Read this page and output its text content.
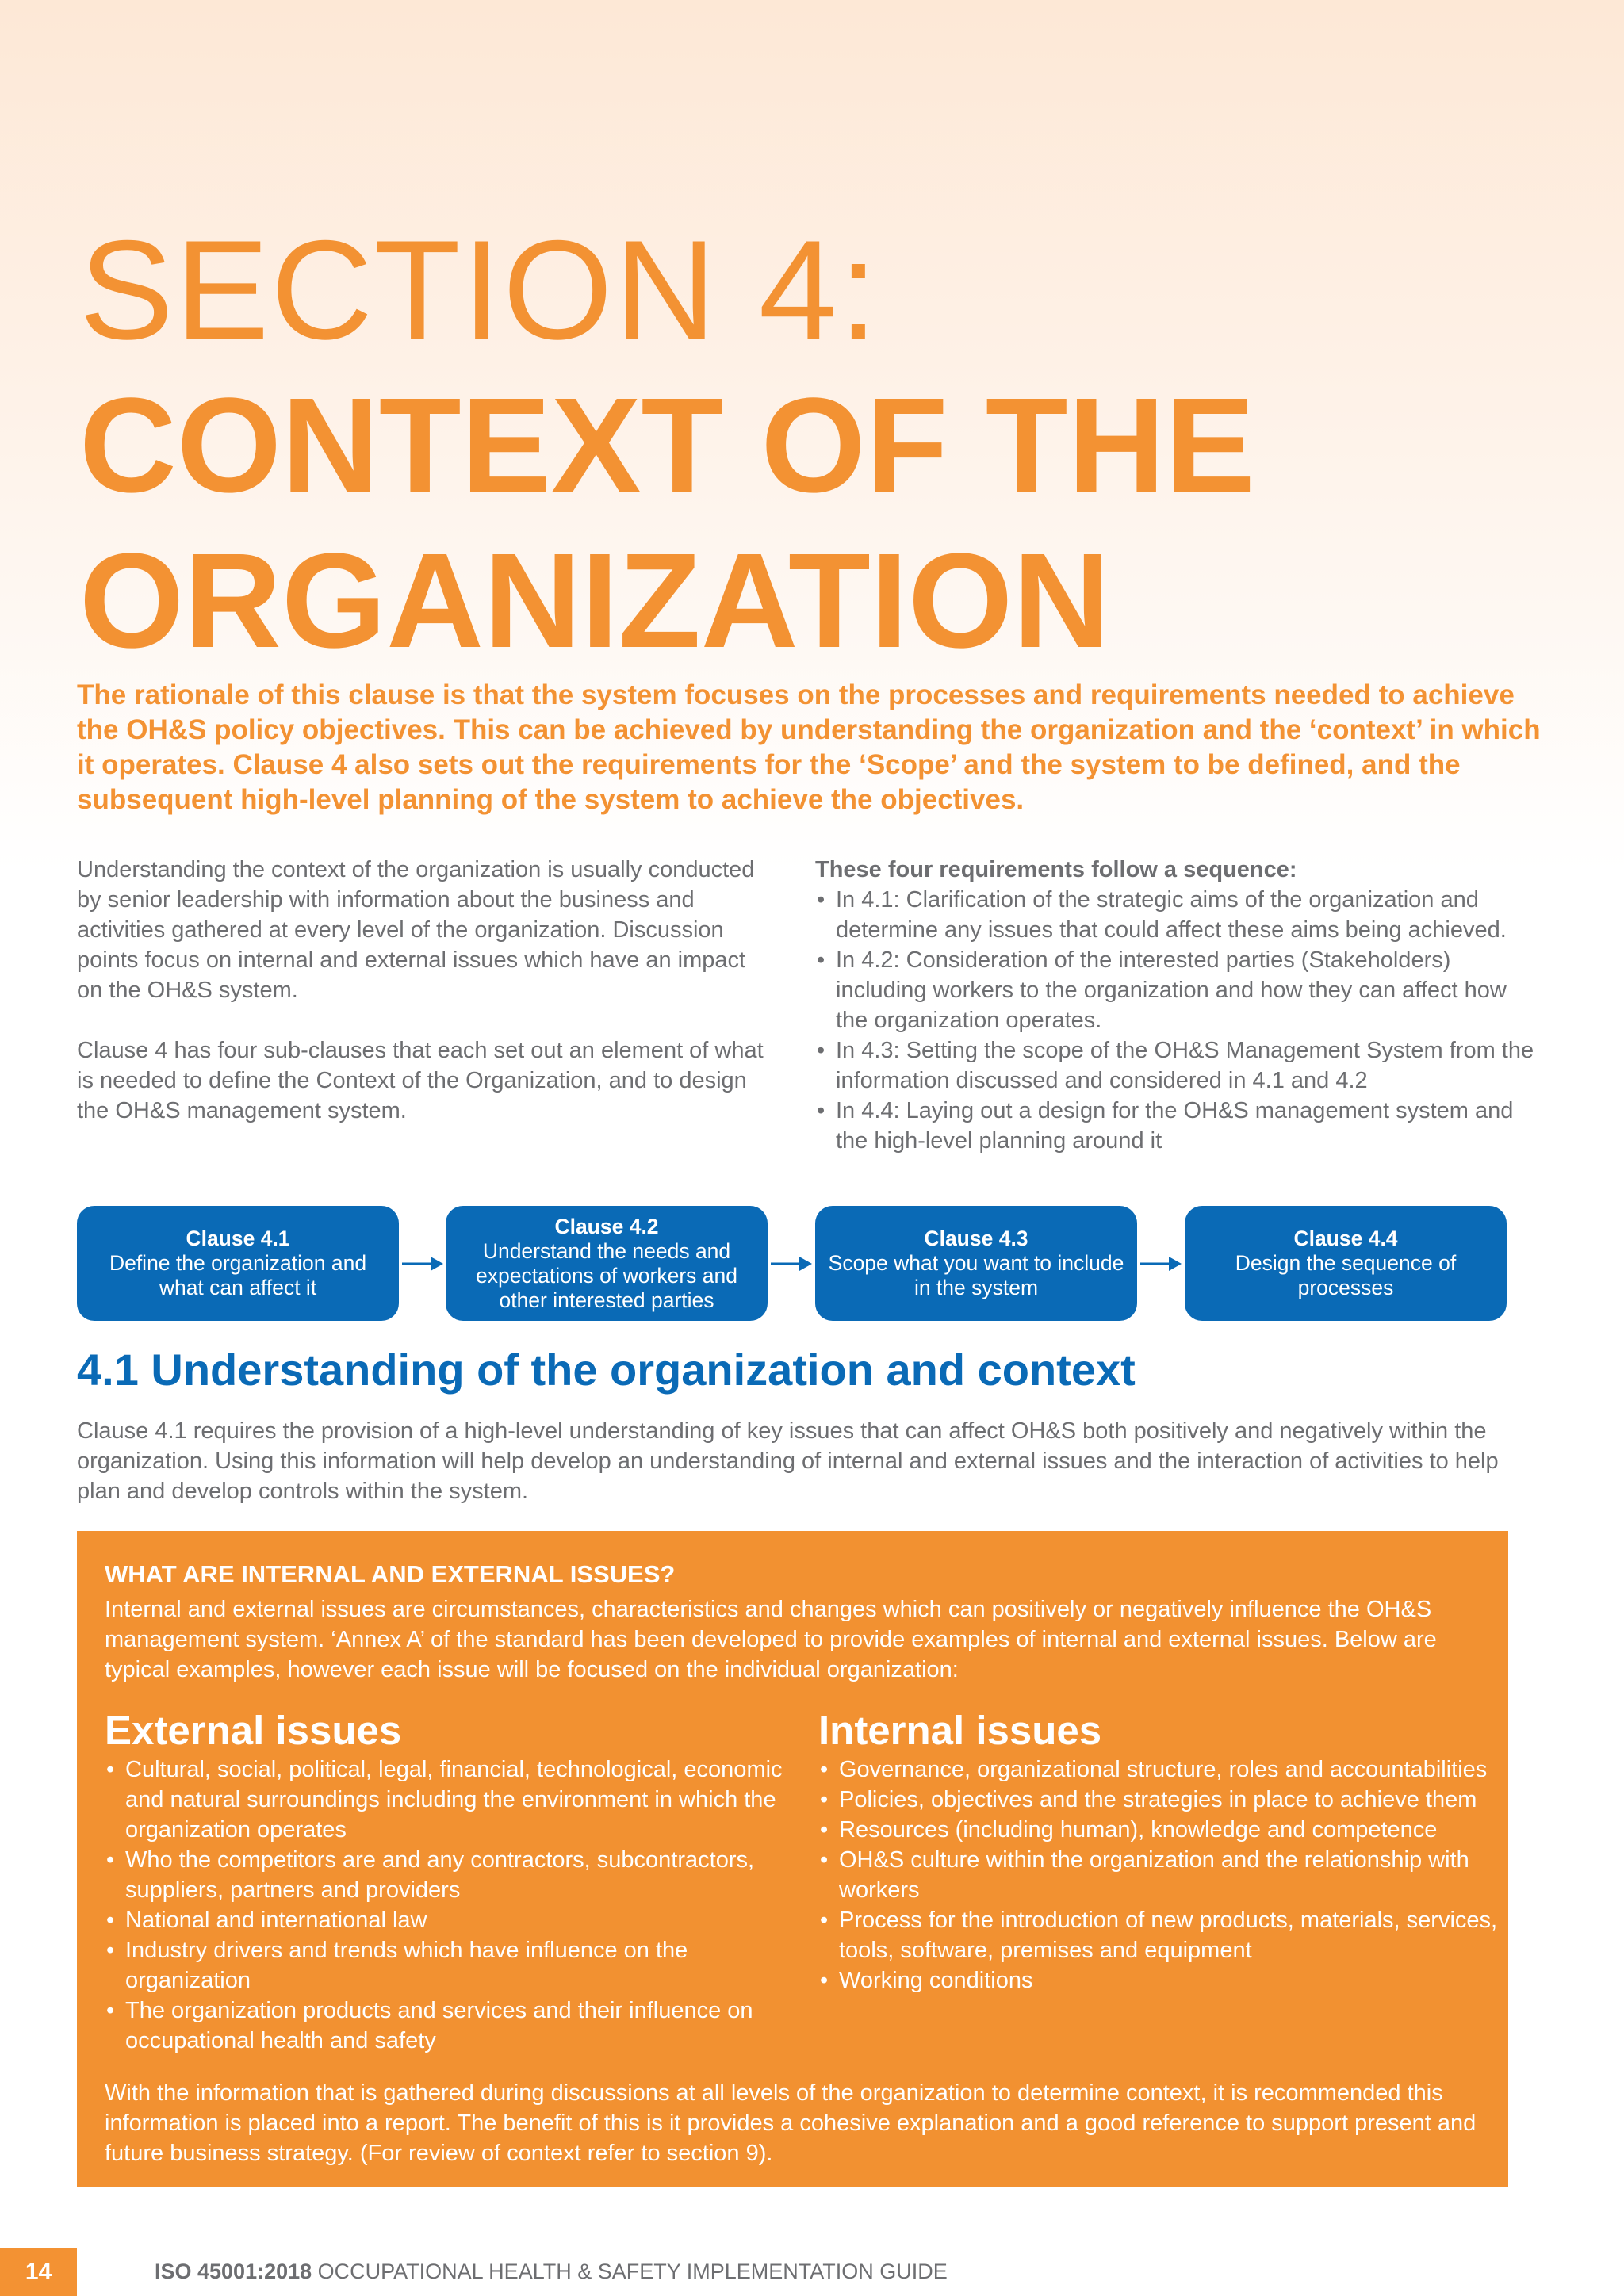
SECTION 4:
CONTEXT OF THE
ORGANIZATION
The rationale of this clause is that the system focuses on the processes and requirements needed to achieve the OH&S policy objectives. This can be achieved by understanding the organization and the ‘context’ in which it operates. Clause 4 also sets out the requirements for the ‘Scope’ and the system to be defined, and the subsequent high-level planning of the system to achieve the objectives.

Understanding the context of the organization is usually conducted by senior leadership with information about the business and activities gathered at every level of the organization. Discussion points focus on internal and external issues which have an impact on the OH&S system.

Clause 4 has four sub-clauses that each set out an element of what is needed to define the Context of the Organization, and to design the OH&S management system.

These four requirements follow a sequence:
• In 4.1: Clarification of the strategic aims of the organization and determine any issues that could affect these aims being achieved.
• In 4.2: Consideration of the interested parties (Stakeholders) including workers to the organization and how they can affect how the organization operates.
• In 4.3: Setting the scope of the OH&S Management System from the information discussed and considered in 4.1 and 4.2
• In 4.4: Laying out a design for the OH&S management system and the high-level planning around it
Clause 4.1
Define the organization and what can affect it
Clause 4.2
Understand the needs and expectations of workers and other interested parties
Clause 4.3
Scope what you want to include in the system
Clause 4.4
Design the sequence of processes
4.1 Understanding of the organization and context
Clause 4.1 requires the provision of a high-level understanding of key issues that can affect OH&S both positively and negatively within the organization. Using this information will help develop an understanding of internal and external issues and the interaction of activities to help plan and develop controls within the system.
WHAT ARE INTERNAL AND EXTERNAL ISSUES?
Internal and external issues are circumstances, characteristics and changes which can positively or negatively influence the OH&S management system. ‘Annex A’ of the standard has been developed to provide examples of internal and external issues. Below are typical examples, however each issue will be focused on the individual organization:
External issues
• Cultural, social, political, legal, financial, technological, economic and natural surroundings including the environment in which the organization operates
• Who the competitors are and any contractors, subcontractors, suppliers, partners and providers
• National and international law
• Industry drivers and trends which have influence on the organization
• The organization products and services and their influence on occupational health and safety
Internal issues
• Governance, organizational structure, roles and accountabilities
• Policies, objectives and the strategies in place to achieve them
• Resources (including human), knowledge and competence
• OH&S culture within the organization and the relationship with workers
• Process for the introduction of new products, materials, services, tools, software, premises and equipment
• Working conditions
With the information that is gathered during discussions at all levels of the organization to determine context, it is recommended this information is placed into a report. The benefit of this is it provides a cohesive explanation and a good reference to support present and future business strategy. (For review of context refer to section 9).
14	ISO 45001:2018 OCCUPATIONAL HEALTH & SAFETY IMPLEMENTATION GUIDE
